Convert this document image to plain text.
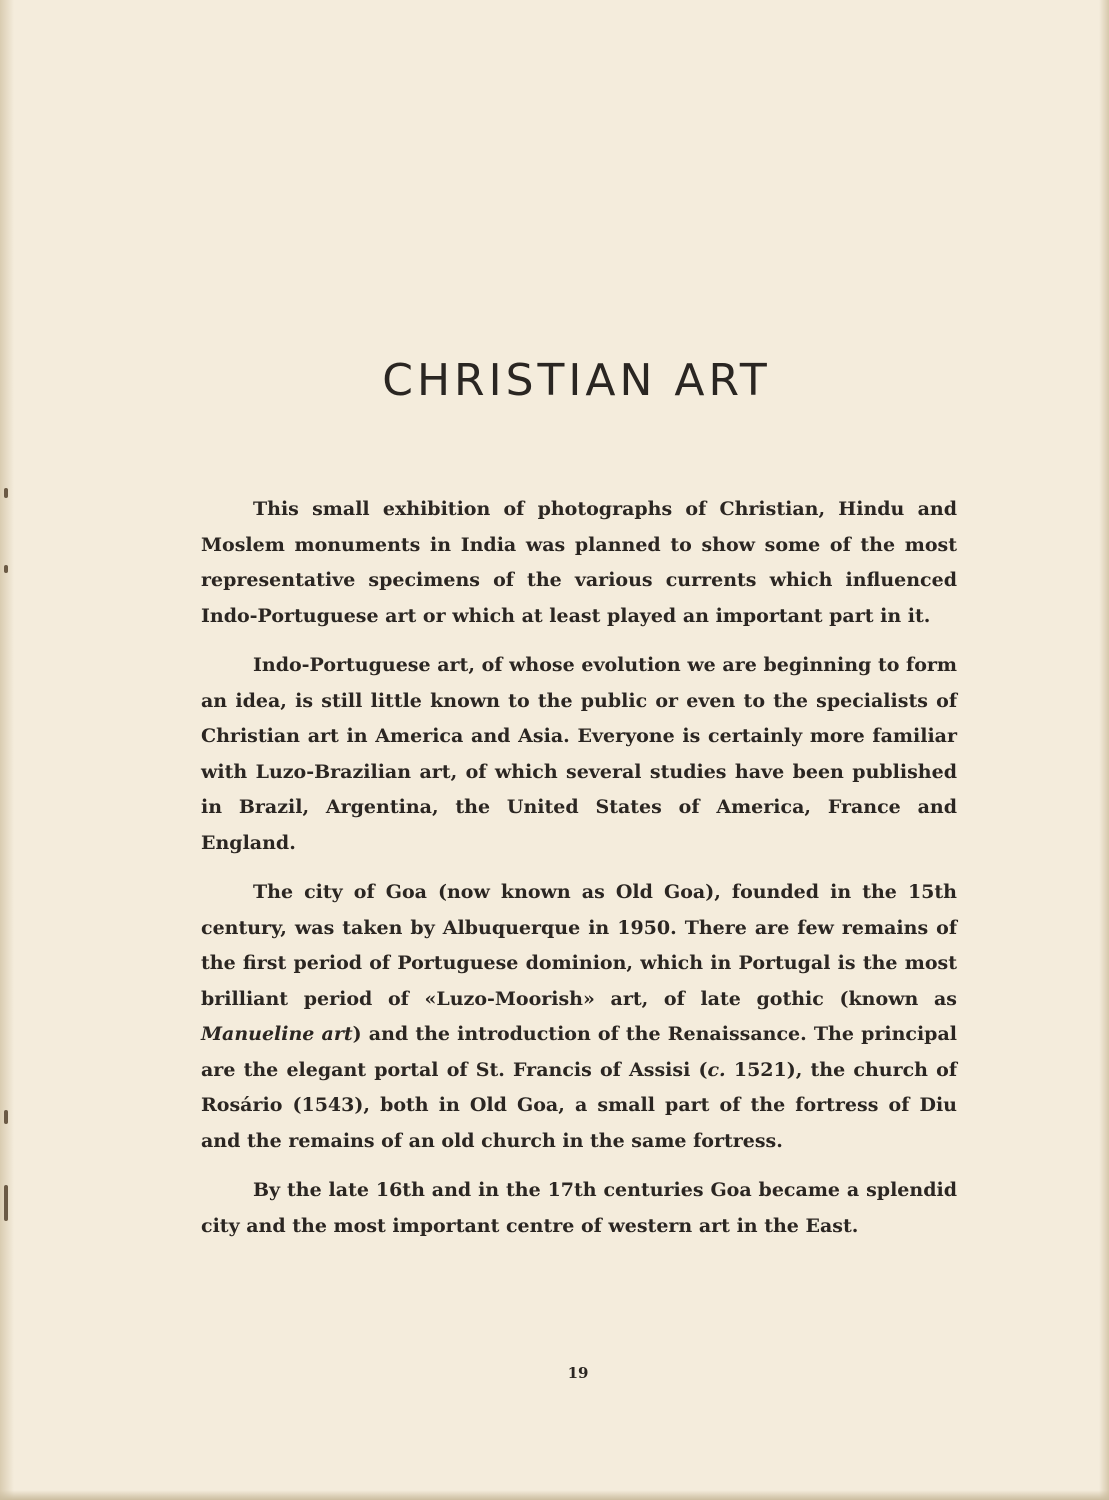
CHRISTIAN ART

This small exhibition of photographs of Christian, Hindu and Moslem monuments in India was planned to show some of the most representative specimens of the various currents which influenced Indo-Portuguese art or which at least played an important part in it.

Indo-Portuguese art, of whose evolution we are beginning to form an idea, is still little known to the public or even to the specialists of Christian art in America and Asia. Everyone is certainly more familiar with Luzo-Brazilian art, of which several studies have been published in Brazil, Argentina, the United States of America, France and England.

The city of Goa (now known as Old Goa), founded in the 15th century, was taken by Albuquerque in 1950. There are few remains of the first period of Portuguese dominion, which in Portugal is the most brilliant period of «Luzo-Moorish» art, of late gothic (known as Manueline art) and the introduction of the Renaissance. The principal are the elegant portal of St. Francis of Assisi (c. 1521), the church of Rosário (1543), both in Old Goa, a small part of the fortress of Diu and the remains of an old church in the same fortress.

By the late 16th and in the 17th centuries Goa became a splendid city and the most important centre of western art in the East.

19
